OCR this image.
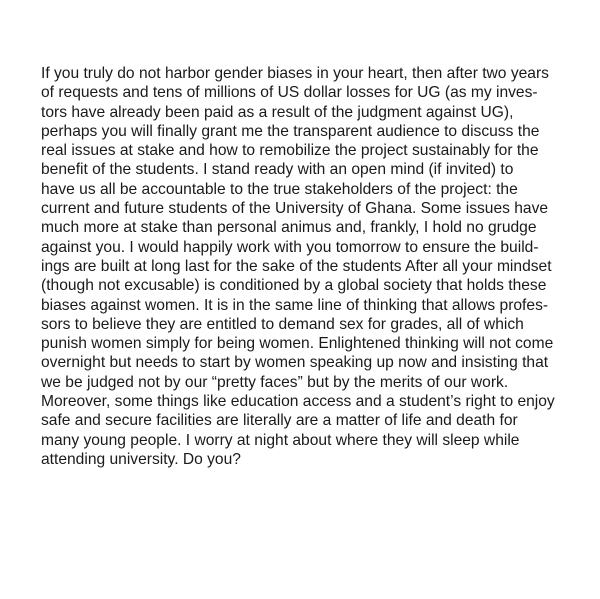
If you truly do not harbor gender biases in your heart, then after two years
of requests and tens of millions of US dollar losses for UG (as my inves-
tors have already been paid as a result of the judgment against UG),
perhaps you will finally grant me the transparent audience to discuss the
real issues at stake and how to remobilize the project sustainably for the
benefit of the students. I stand ready with an open mind (if invited) to
have us all be accountable to the true stakeholders of the project: the
current and future students of the University of Ghana. Some issues have
much more at stake than personal animus and, frankly, I hold no grudge
against you. I would happily work with you tomorrow to ensure the build-
ings are built at long last for the sake of the students After all your mindset
(though not excusable) is conditioned by a global society that holds these
biases against women. It is in the same line of thinking that allows profes-
sors to believe they are entitled to demand sex for grades, all of which
punish women simply for being women. Enlightened thinking will not come
overnight but needs to start by women speaking up now and insisting that
we be judged not by our “pretty faces” but by the merits of our work.
Moreover, some things like education access and a student’s right to enjoy
safe and secure facilities are literally are a matter of life and death for
many young people. I worry at night about where they will sleep while
attending university. Do you?
